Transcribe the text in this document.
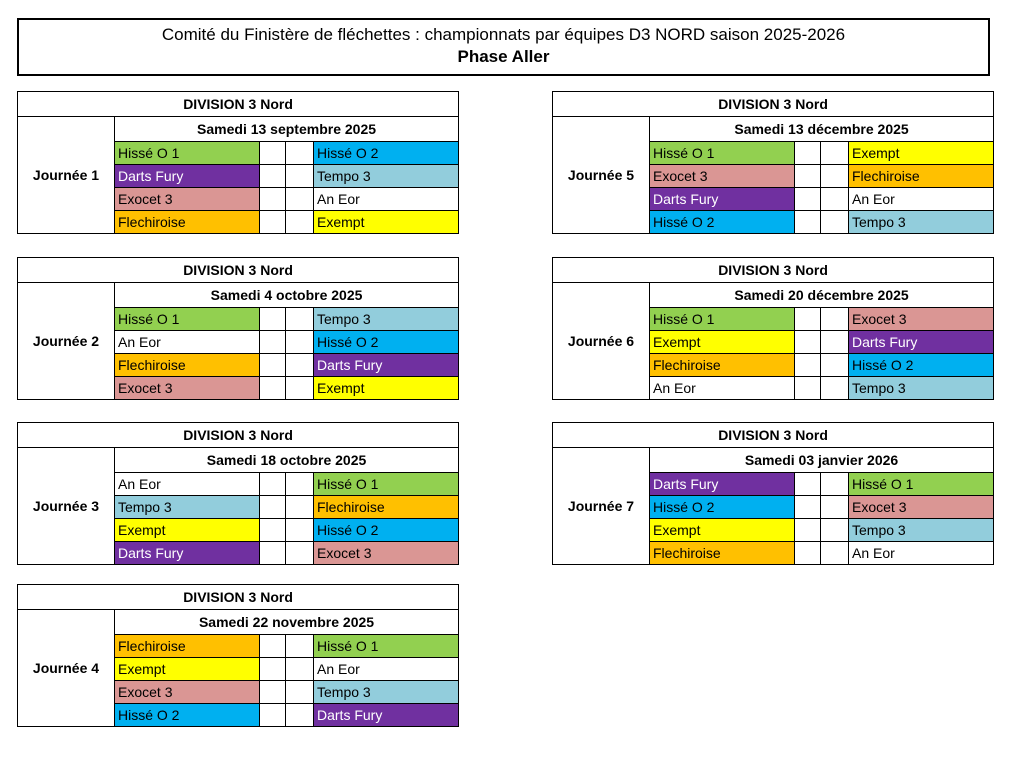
Comité du Finistère de fléchettes : championnats par équipes D3 NORD saison 2025-2026
Phase Aller
DIVISION 3 Nord				
Journée 1	Samedi 13 septembre 2025			
	Hissé O 1			Hissé O 2
	Darts Fury			Tempo 3
	Exocet 3			An Eor
	Flechiroise			Exempt
DIVISION 3 Nord				
Journée 2	Samedi 4 octobre 2025			
	Hissé O 1			Tempo 3
	An Eor			Hissé O 2
	Flechiroise			Darts Fury
	Exocet 3			Exempt
DIVISION 3 Nord				
Journée 3	Samedi 18 octobre 2025			
	An Eor			Hissé O 1
	Tempo 3			Flechiroise
	Exempt			Hissé O 2
	Darts Fury			Exocet 3
DIVISION 3 Nord				
Journée 4	Samedi 22 novembre 2025			
	Flechiroise			Hissé O 1
	Exempt			An Eor
	Exocet 3			Tempo 3
	Hissé O 2			Darts Fury
DIVISION 3 Nord				
Journée 5	Samedi 13 décembre 2025			
	Hissé O 1			Exempt
	Exocet 3			Flechiroise
	Darts Fury			An Eor
	Hissé O 2			Tempo 3
DIVISION 3 Nord				
Journée 6	Samedi 20 décembre 2025			
	Hissé O 1			Exocet 3
	Exempt			Darts Fury
	Flechiroise			Hissé O 2
	An Eor			Tempo 3
DIVISION 3 Nord				
Journée 7	Samedi 03 janvier 2026			
	Darts Fury			Hissé O 1
	Hissé O 2			Exocet 3
	Exempt			Tempo 3
	Flechiroise			An Eor
